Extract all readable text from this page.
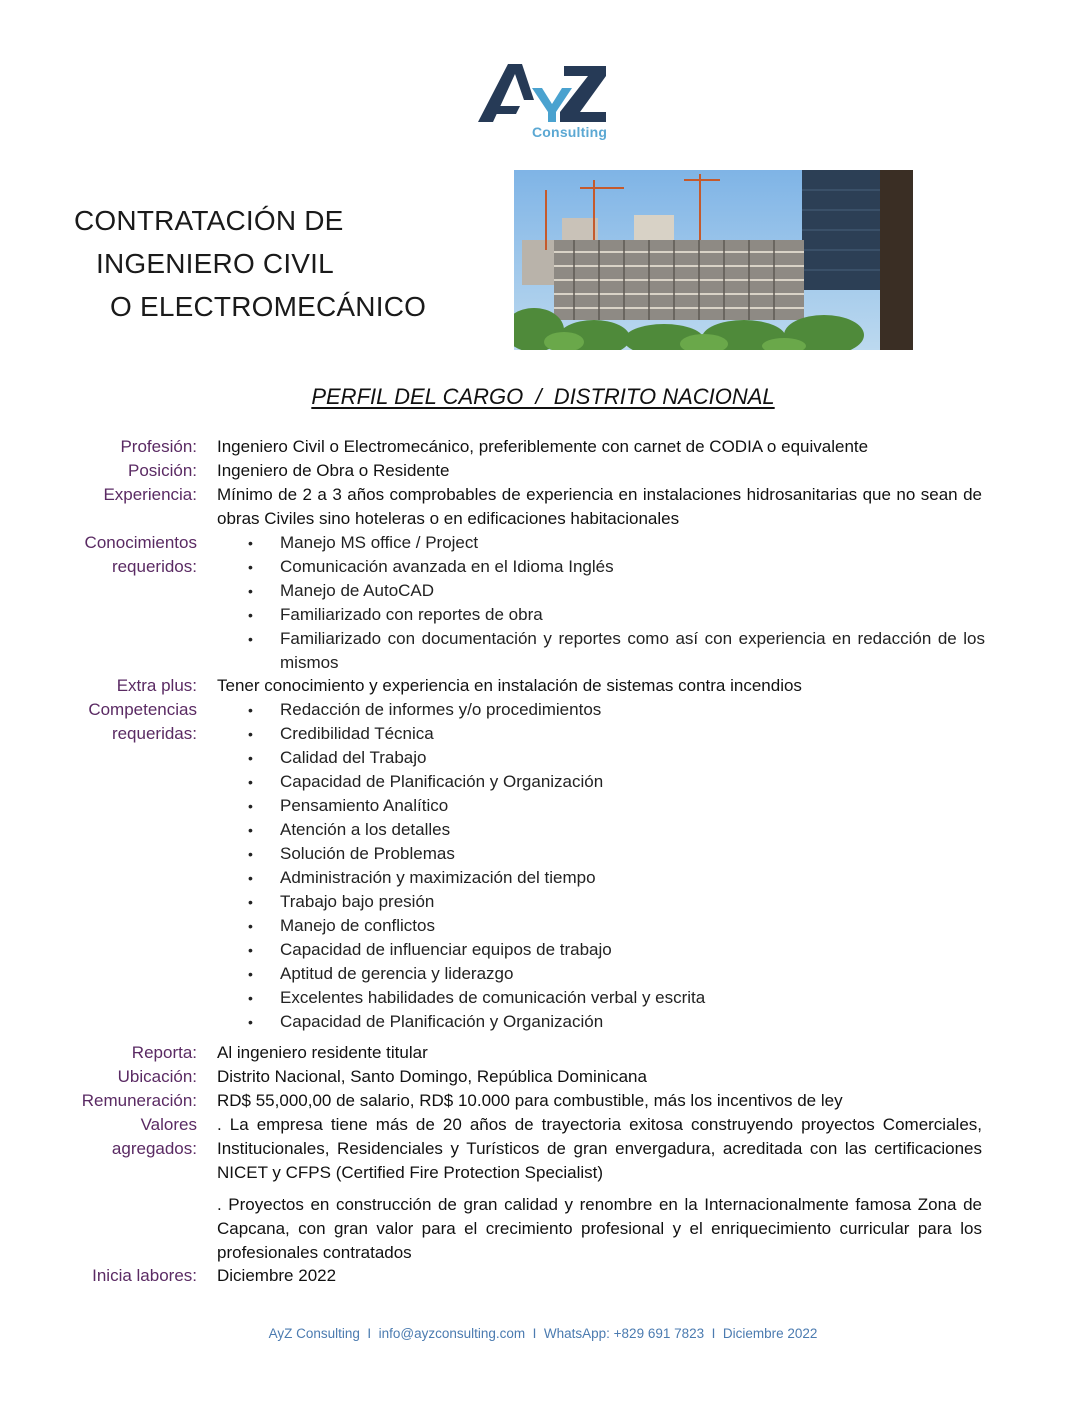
Consulting
CONTRATACIÓN DE
INGENIERO CIVIL
O ELECTROMECÁNICO
PERFIL DEL CARGO  /  DISTRITO NACIONAL
Profesión: Ingeniero Civil o Electromecánico, preferiblemente con carnet de CODIA o equivalente
Posición: Ingeniero de Obra o Residente
Experiencia: Mínimo de 2 a 3 años comprobables de experiencia en instalaciones hidrosanitarias que no sean de obras Civiles sino hoteleras o en edificaciones habitacionales
Conocimientos
requeridos:
• Manejo MS office / Project
• Comunicación avanzada en el Idioma Inglés
• Manejo de AutoCAD
• Familiarizado con reportes de obra
• Familiarizado con documentación y reportes como así con experiencia en redacción de los mismos
Extra plus: Tener conocimiento y experiencia en instalación de sistemas contra incendios
Competencias
requeridas:
• Redacción de informes y/o procedimientos
• Credibilidad Técnica
• Calidad del Trabajo
• Capacidad de Planificación y Organización
• Pensamiento Analítico
• Atención a los detalles
• Solución de Problemas
• Administración y maximización del tiempo
• Trabajo bajo presión
• Manejo de conflictos
• Capacidad de influenciar equipos de trabajo
• Aptitud de gerencia y liderazgo
• Excelentes habilidades de comunicación verbal y escrita
• Capacidad de Planificación y Organización
Reporta: Al ingeniero residente titular
Ubicación: Distrito Nacional, Santo Domingo, República Dominicana
Remuneración: RD$ 55,000,00 de salario, RD$ 10.000 para combustible, más los incentivos de ley
Valores
agregados:
. La empresa tiene más de 20 años de trayectoria exitosa construyendo proyectos Comerciales, Institucionales, Residenciales y Turísticos de gran envergadura, acreditada con las certificaciones NICET y CFPS (Certified Fire Protection Specialist)
. Proyectos en construcción de gran calidad y renombre en la Internacionalmente famosa Zona de Capcana, con gran valor para el crecimiento profesional y el enriquecimiento curricular para los profesionales contratados
Inicia labores: Diciembre 2022
AyZ Consulting  I  info@ayzconsulting.com  I  WhatsApp: +829 691 7823  I  Diciembre 2022
